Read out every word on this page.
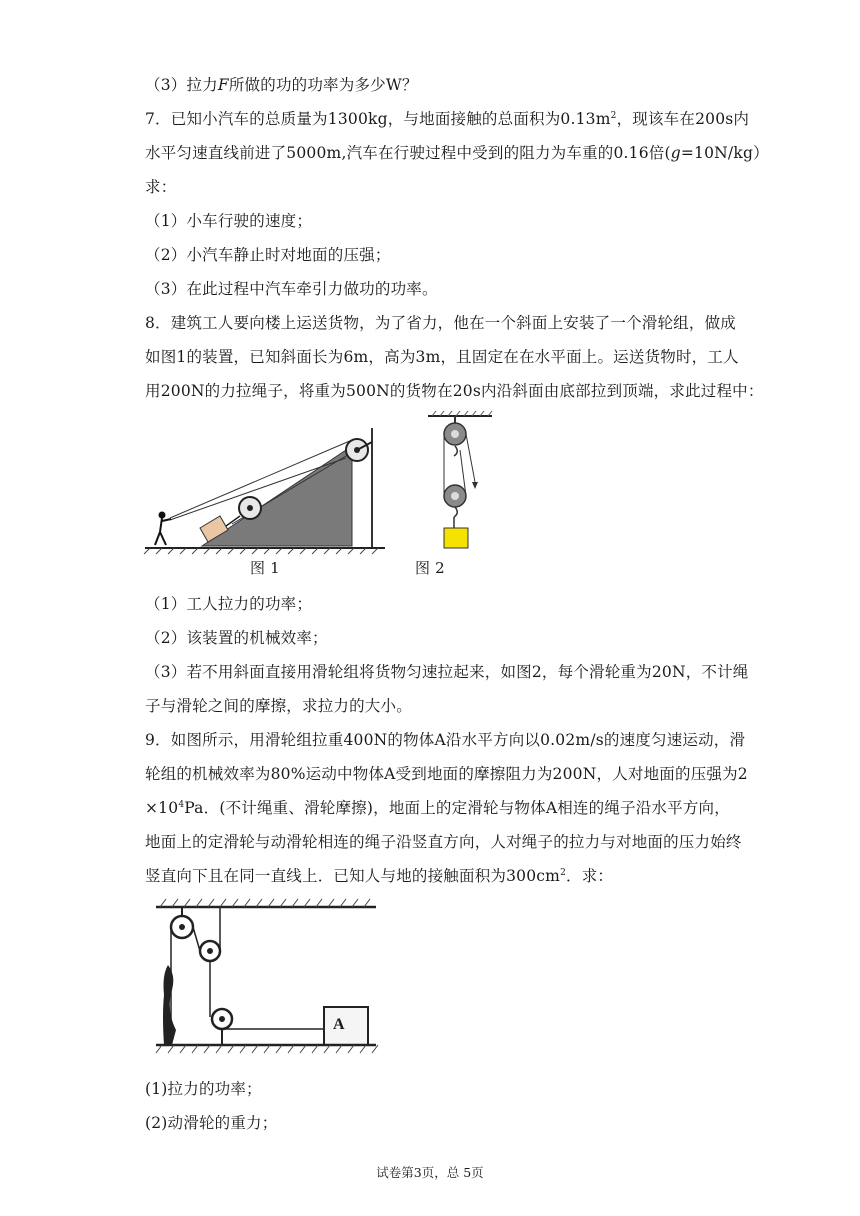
（3）拉力F所做的功的功率为多少W？
7．已知小汽车的总质量为1300kg，与地面接触的总面积为$0.13m^2$，现该车在200s内
水平匀速直线前进了5000m,汽车在行驶过程中受到的阻力为车重的0.16倍(g=10N/kg）
求：
（1）小车行驶的速度；
（2）小汽车静止时对地面的压强；
（3）在此过程中汽车牵引力做功的功率。
8．建筑工人要向楼上运送货物，为了省力，他在一个斜面上安装了一个滑轮组，做成
如图1的装置，已知斜面长为6m，高为3m，且固定在在水平面上。运送货物时，工人
用200N的力拉绳子，将重为500N的货物在20s内沿斜面由底部拉到顶端，求此过程中：
图 1	图 2
（1）工人拉力的功率；
（2）该装置的机械效率；
（3）若不用斜面直接用滑轮组将货物匀速拉起来，如图2，每个滑轮重为20N，不计绳
子与滑轮之间的摩擦，求拉力的大小。
9．如图所示，用滑轮组拉重400N的物体A沿水平方向以0.02m/s的速度匀速运动，滑
轮组的机械效率为80%运动中物体A受到地面的摩擦阻力为200N，人对地面的压强为2
$\times 10^4Pa$．(不计绳重、滑轮摩擦)，地面上的定滑轮与物体A相连的绳子沿水平方向，
地面上的定滑轮与动滑轮相连的绳子沿竖直方向，人对绳子的拉力与对地面的压力始终
竖直向下且在同一直线上．已知人与地的接触面积为$300cm^2$．求：
A
(1)拉力的功率；
(2)动滑轮的重力；
试卷第3页，总 5页
